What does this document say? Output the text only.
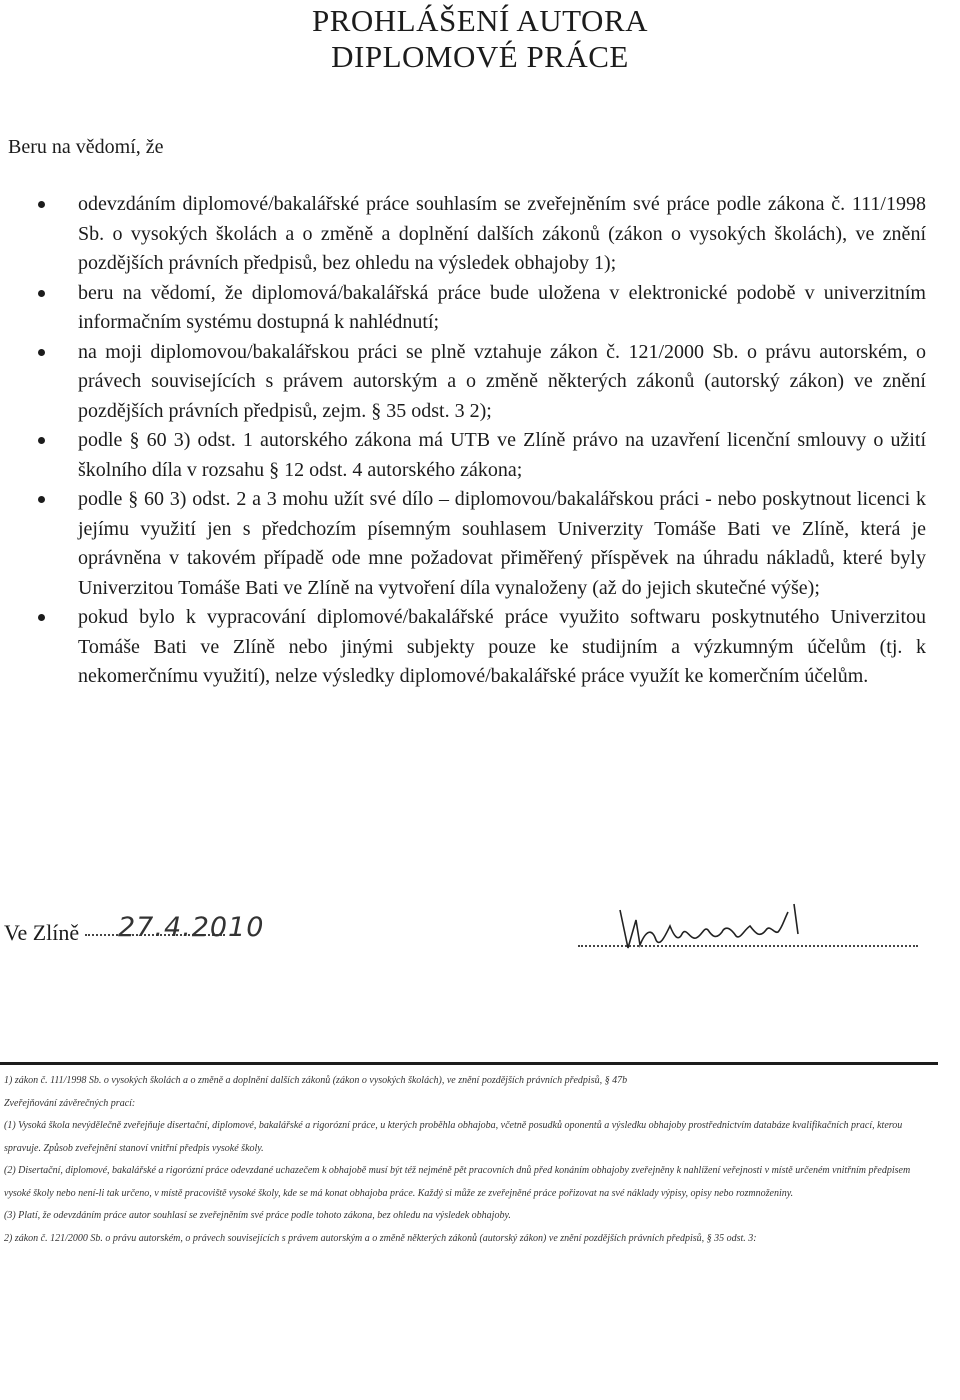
PROHLÁŠENÍ AUTORA
DIPLOMOVÉ PRÁCE
Beru na vědomí, že
odevzdáním diplomové/bakalářské práce souhlasím se zveřejněním své práce podle zákona č. 111/1998 Sb. o vysokých školách a o změně a doplnění dalších zákonů (zákon o vysokých školách), ve znění pozdějších právních předpisů, bez ohledu na výsledek obhajoby 1);
beru na vědomí, že diplomová/bakalářská práce bude uložena v elektronické podobě v univerzitním informačním systému dostupná k nahlédnutí;
na moji diplomovou/bakalářskou práci se plně vztahuje zákon č. 121/2000 Sb. o právu autorském, o právech souvisejících s právem autorským a o změně některých zákonů (autorský zákon) ve znění pozdějších právních předpisů, zejm. § 35 odst. 3 2);
podle § 60 3) odst. 1 autorského zákona má UTB ve Zlíně právo na uzavření licenční smlouvy o užití školního díla v rozsahu § 12 odst. 4 autorského zákona;
podle § 60 3) odst. 2 a 3 mohu užít své dílo – diplomovou/bakalářskou práci - nebo poskytnout licenci k jejímu využití jen s předchozím písemným souhlasem Univerzity Tomáše Bati ve Zlíně, která je oprávněna v takovém případě ode mne požadovat přiměřený příspěvek na úhradu nákladů, které byly Univerzitou Tomáše Bati ve Zlíně na vytvoření díla vynaloženy (až do jejich skutečné výše);
pokud bylo k vypracování diplomové/bakalářské práce využito softwaru poskytnutého Univerzitou Tomáše Bati ve Zlíně nebo jinými subjekty pouze ke studijním a výzkumným účelům (tj. k nekomerčnímu využití), nelze výsledky diplomové/bakalářské práce využít ke komerčním účelům.
Ve Zlíně	27.4.2010

1) zákon č. 111/1998 Sb. o vysokých školách a o změně a doplnění dalších zákonů (zákon o vysokých školách), ve znění pozdějších právních předpisů, § 47b

Zveřejňování závěrečných prací:

(1) Vysoká škola nevýdělečně zveřejňuje disertační, diplomové, bakalářské a rigorózní práce, u kterých proběhla obhajoba, včetně posudků oponentů a výsledku obhajoby prostřednictvím databáze kvalifikačních prací, kterou spravuje. Způsob zveřejnění stanoví vnitřní předpis vysoké školy.

(2) Disertační, diplomové, bakalářské a rigorózní práce odevzdané uchazečem k obhajobě musí být též nejméně pět pracovních dnů před konáním obhajoby zveřejněny k nahlížení veřejnosti v místě určeném vnitřním předpisem vysoké školy nebo není-li tak určeno, v místě pracoviště vysoké školy, kde se má konat obhajoba práce. Každý si může ze zveřejněné práce pořizovat na své náklady výpisy, opisy nebo rozmnoženiny.

(3) Platí, že odevzdáním práce autor souhlasí se zveřejněním své práce podle tohoto zákona, bez ohledu na výsledek obhajoby.

2) zákon č. 121/2000 Sb. o právu autorském, o právech souvisejících s právem autorským a o změně některých zákonů (autorský zákon) ve znění pozdějších právních předpisů, § 35 odst. 3:
